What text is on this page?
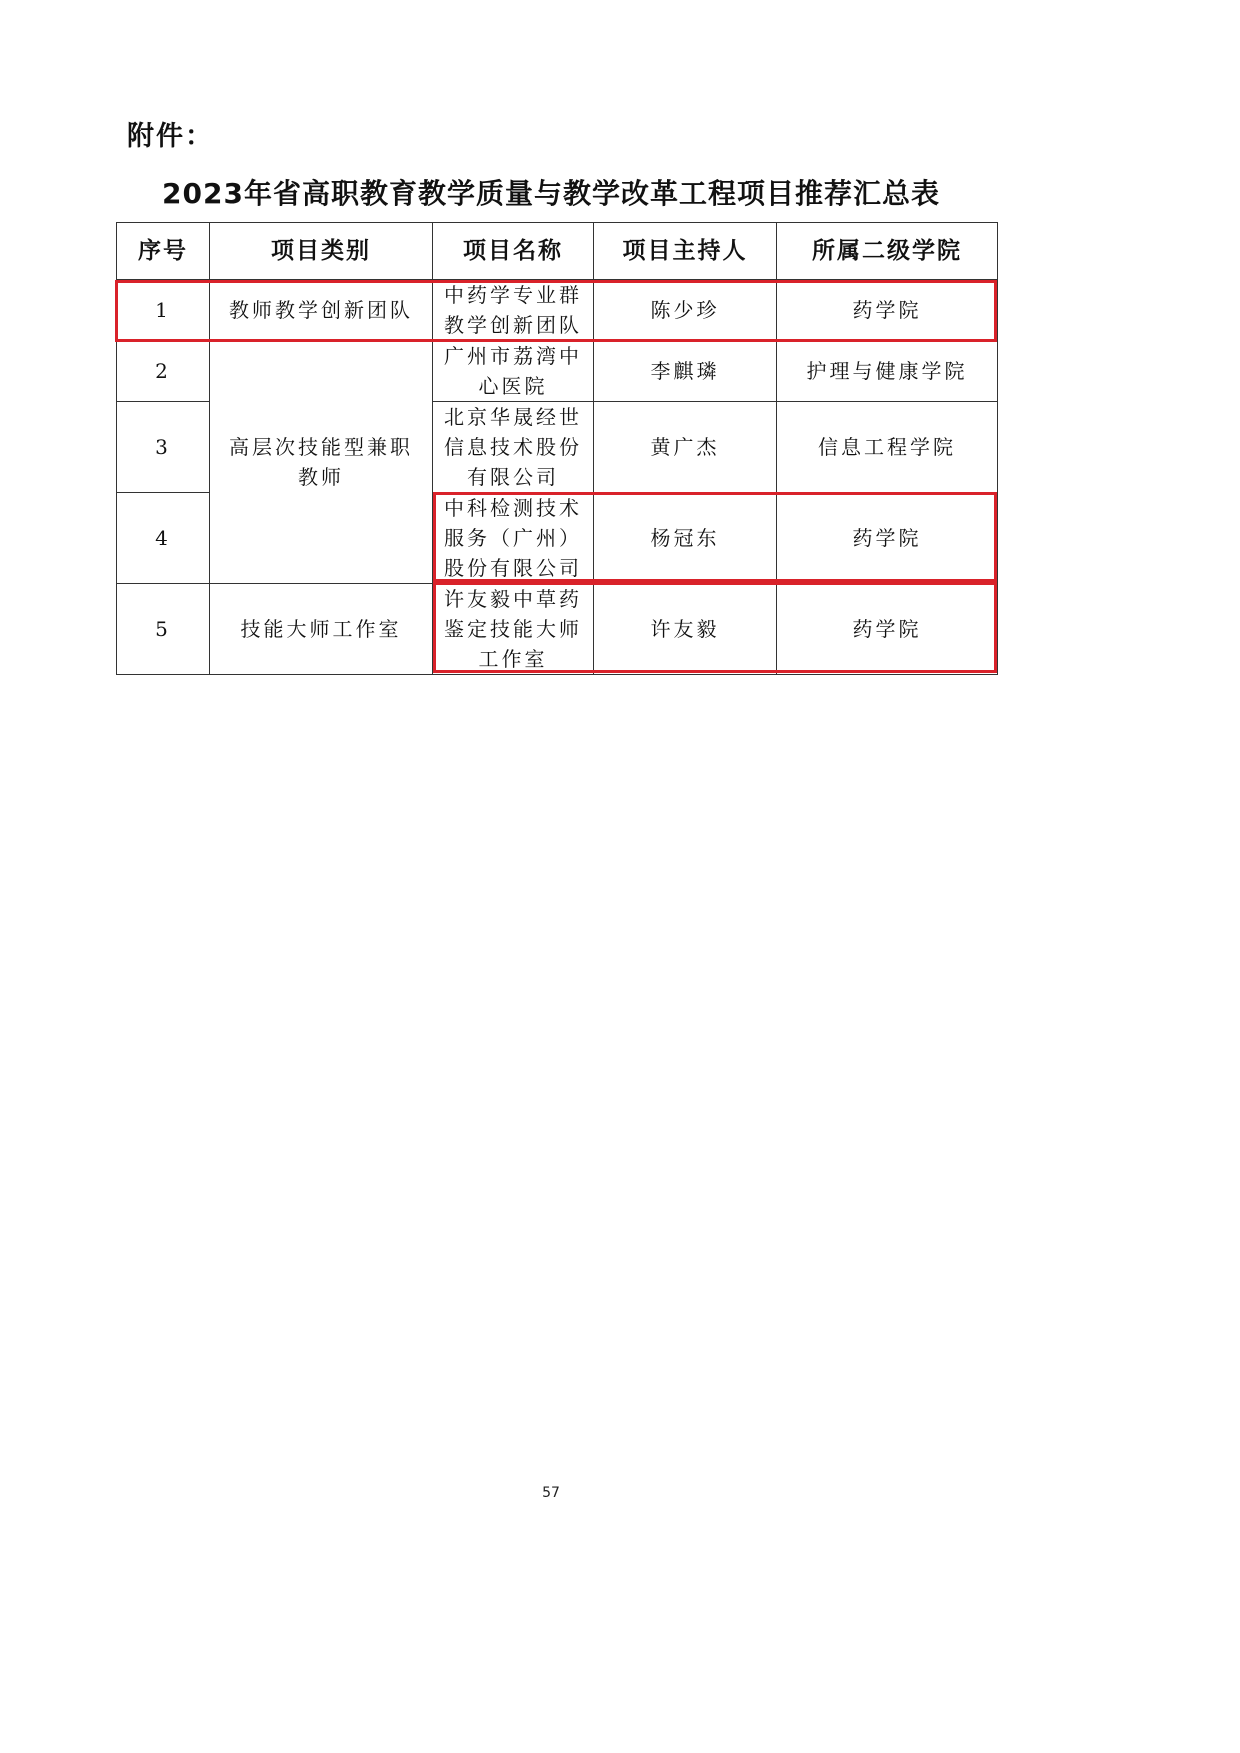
附件：
2023年省高职教育教学质量与教学改革工程项目推荐汇总表
序号	项目类别	项目名称	项目主持人	所属二级学院
1	教师教学创新团队	中药学专业群教学创新团队	陈少珍	药学院
2	高层次技能型兼职教师	广州市荔湾中心医院	李麒璘	护理与健康学院
3		北京华晟经世信息技术股份有限公司	黄广杰	信息工程学院
4		中科检测技术服务（广州）股份有限公司	杨冠东	药学院
5	技能大师工作室	许友毅中草药鉴定技能大师工作室	许友毅	药学院
57
